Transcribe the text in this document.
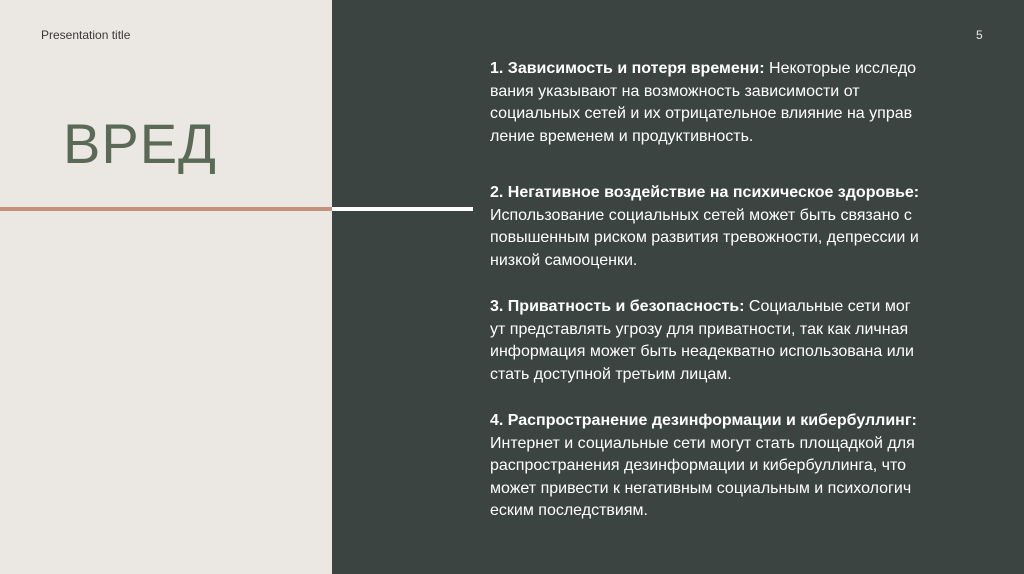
Presentation title	5
ВРЕД
1. Зависимость и потеря времени: Некоторые исследо
вания указывают на возможность зависимости от
социальных сетей и их отрицательное влияние на управ
ление временем и продуктивность.
2. Негативное воздействие на психическое здоровье:
Использование социальных сетей может быть связано с
повышенным риском развития тревожности, депрессии и
низкой самооценки.
3. Приватность и безопасность: Социальные сети мог
ут представлять угрозу для приватности, так как личная
информация может быть неадекватно использована или
стать доступной третьим лицам.
4. Распространение дезинформации и кибербуллинг:
Интернет и социальные сети могут стать площадкой для
распространения дезинформации и кибербуллинга, что
может привести к негативным социальным и психологич
еским последствиям.
